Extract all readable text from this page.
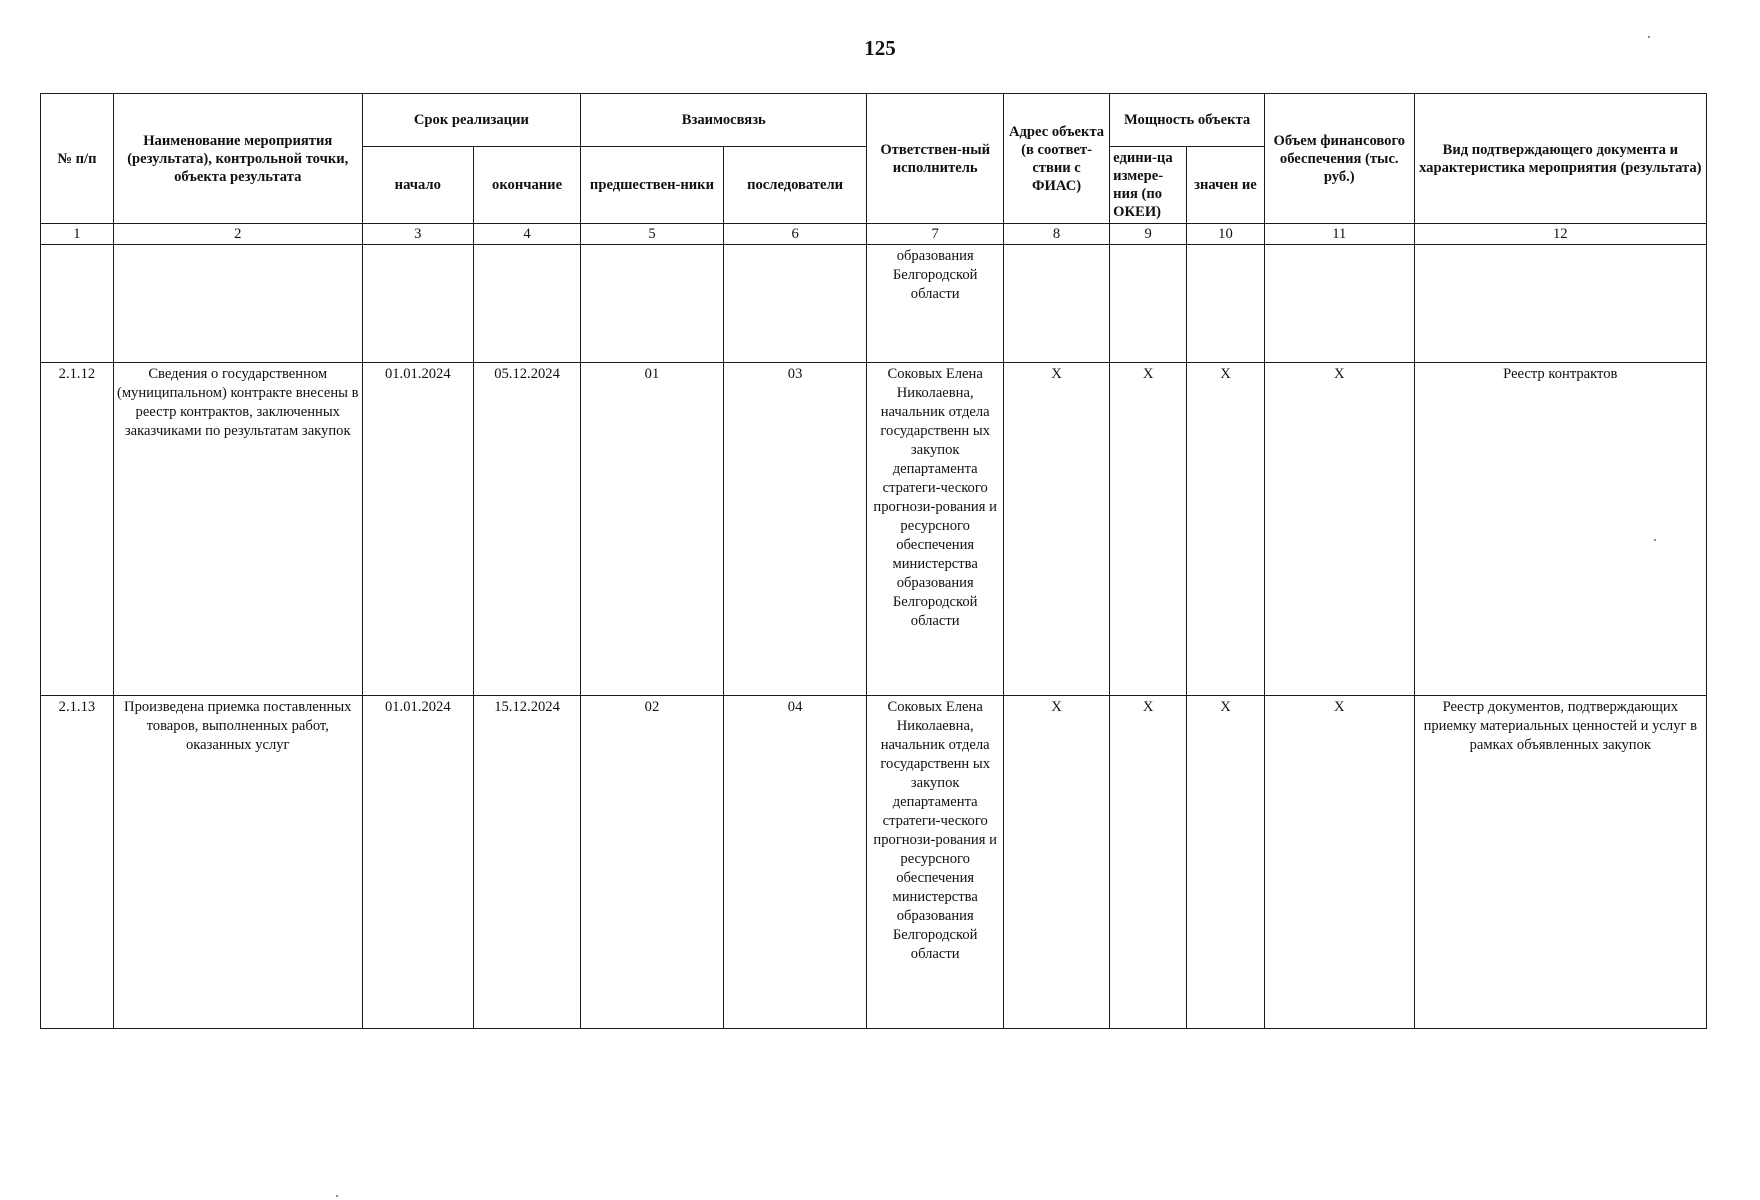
125
№ п/п	Наименование мероприятия (результата), контрольной точки, объекта результата	Срок реализации		Взаимосвязь		Ответствен-ный исполнитель	Адрес объекта (в соответ-ствии с ФИАС)	Мощность объекта		Объем финансового обеспечения (тыс. руб.)	Вид подтверждающего документа и характеристика мероприятия (результата)
		начало	окончание	предшествен-ники	последователи			едини-ца измере-ния (по ОКЕИ)	значен ие		
1	2	3	4	5	6	7	8	9	10	11	12
						образования Белгородской области					
2.1.12	Сведения о государственном (муниципальном) контракте внесены в реестр контрактов, заключенных заказчиками по результатам закупок	01.01.2024	05.12.2024	01	03	Соковых Елена Николаевна, начальник отдела государственн ых закупок департамента стратеги-ческого прогнози-рования и ресурсного обеспечения министерства образования Белгородской области	X	X	X	X	Реестр контрактов
2.1.13	Произведена приемка поставленных товаров, выполненных работ, оказанных услуг	01.01.2024	15.12.2024	02	04	Соковых Елена Николаевна, начальник отдела государственн ых закупок департамента стратеги-ческого прогнози-рования и ресурсного обеспечения министерства образования Белгородской области	X	X	X	X	Реестр документов, подтверждающих приемку материальных ценностей и услуг в рамках объявленных закупок
